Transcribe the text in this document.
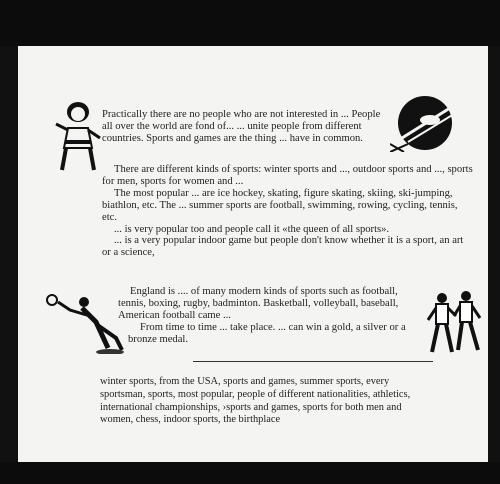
Practically there are no people who are not interested in ... People all over the world are fond of... ... unite people from different countries. Sports and games are the thing ... have in common.

There are different kinds of sports: winter sports and ..., outdoor sports and ..., sports for men, sports for women and ...

The most popular ... are ice hockey, skating, figure skating, skiing, ski-jumping, biathlon, etc. The ... summer sports are football, swimming, rowing, cycling, tennis, etc.

... is very popular too and people call it «the queen of all sports».

... is a very popular indoor game but people don't know whether it is a sport, an art or a science,

England is .... of many modern kinds of sports such as football, tennis, boxing, rugby, badminton. Basketball, volleyball, baseball, American football came ...

From time to time ... take place. ... can win a gold, a silver or a bronze medal.

winter sports, from the USA, sports and games, summer sports, every sportsman, sports, most popular, people of different nationalities, athletics, international championships, ›sports and games, sports for both men and women, chess, indoor sports, the birthplace
